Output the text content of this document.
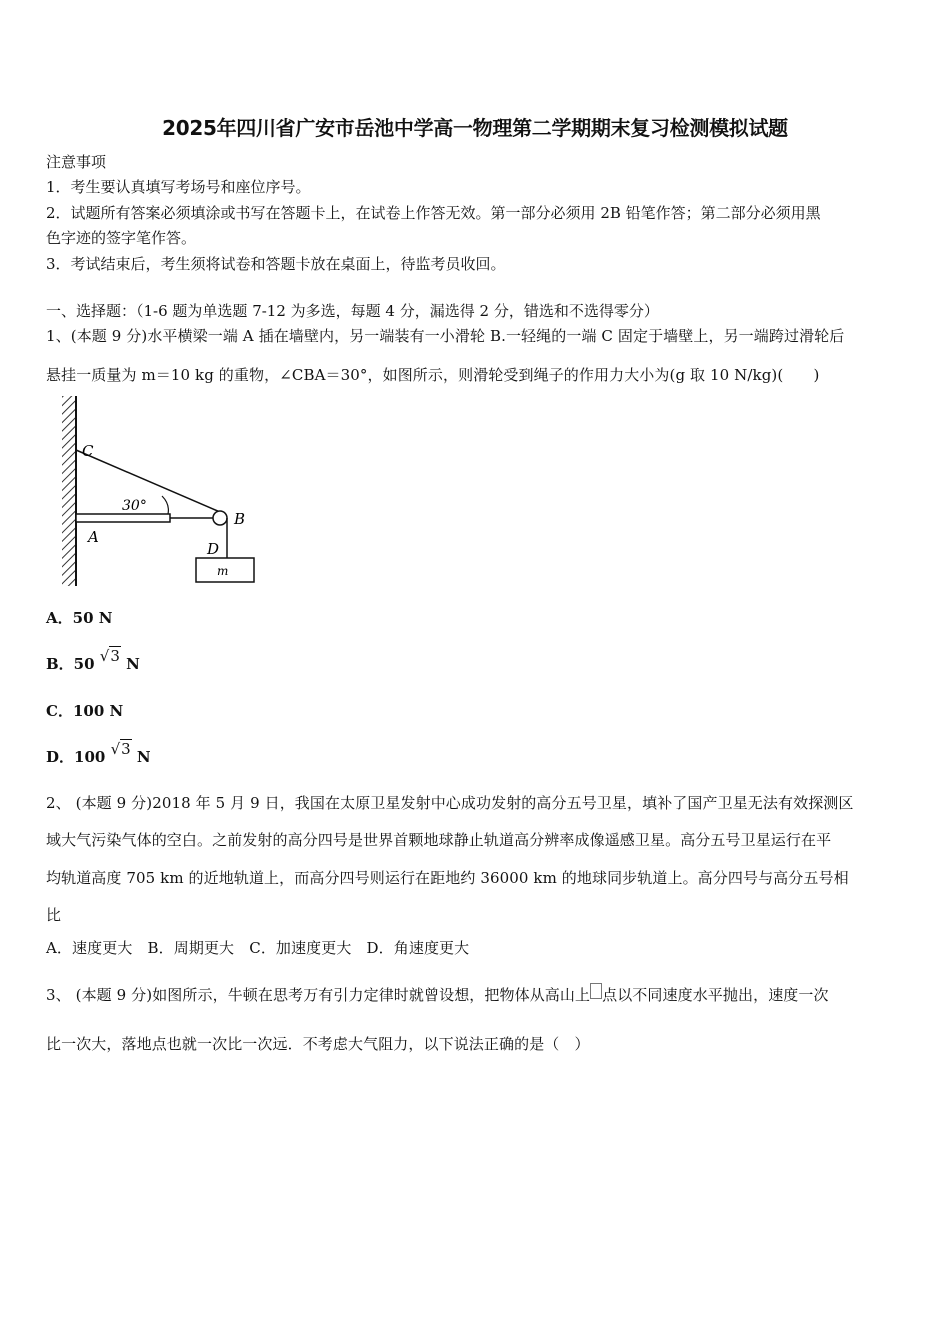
2025年四川省广安市岳池中学高一物理第二学期期末复习检测模拟试题
注意事项
1．考生要认真填写考场号和座位序号。
2．试题所有答案必须填涂或书写在答题卡上，在试卷上作答无效。第一部分必须用 2B 铅笔作答；第二部分必须用黑
色字迹的签字笔作答。
3．考试结束后，考生须将试卷和答题卡放在桌面上，待监考员收回。
一、选择题：（1-6 题为单选题 7-12 为多选，每题 4 分，漏选得 2 分，错选和不选得零分）
1、(本题 9 分)水平横梁一端 A 插在墙壁内，另一端装有一小滑轮 B.一轻绳的一端 C 固定于墙壁上，另一端跨过滑轮后
悬挂一质量为 m＝10 kg 的重物，∠CBA＝30°，如图所示，则滑轮受到绳子的作用力大小为(g 取 10 N/kg)(　　)
C
30°
B
A
D
m
A．50 N
B．50 √3 N
C．100 N
D．100 √3 N
2、 (本题 9 分)2018 年 5 月 9 日，我国在太原卫星发射中心成功发射的高分五号卫星，填补了国产卫星无法有效探测区
域大气污染气体的空白。之前发射的高分四号是世界首颗地球静止轨道高分辨率成像遥感卫星。高分五号卫星运行在平
均轨道高度 705 km 的近地轨道上，而高分四号则运行在距地约 36000 km 的地球同步轨道上。高分四号与高分五号相
比
A．速度更大　B．周期更大　C．加速度更大　D．角速度更大
3、 (本题 9 分)如图所示，牛顿在思考万有引力定律时就曾设想，把物体从高山上 点以不同速度水平抛出，速度一次
比一次大，落地点也就一次比一次远．不考虑大气阻力，以下说法正确的是（　）
